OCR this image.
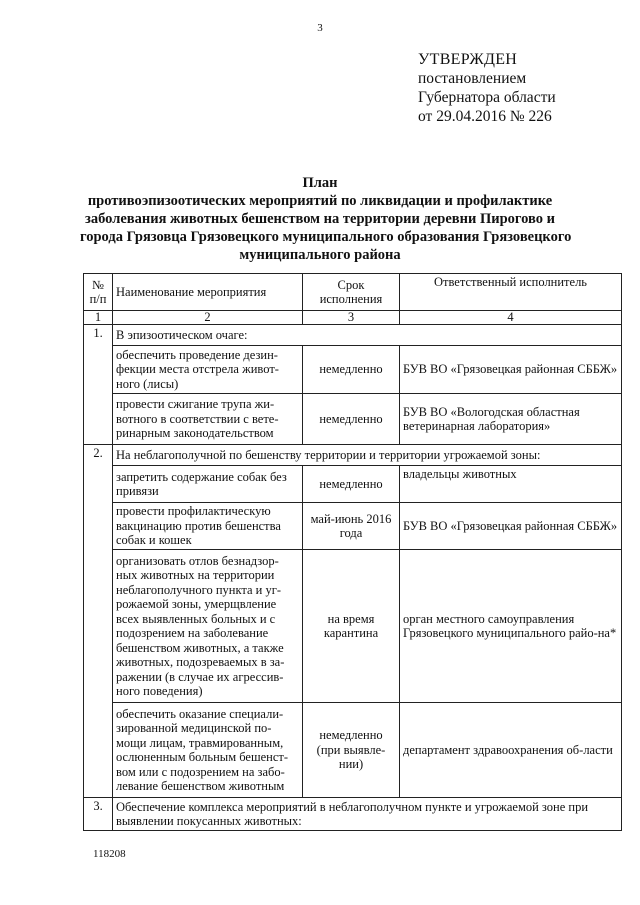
3
УТВЕРЖДЕН
постановлением
Губернатора области
от 29.04.2016 № 226
План
противоэпизоотических мероприятий по ликвидации и профилактике
заболевания животных бешенством на территории деревни Пирогово и
города Грязовца Грязовецкого муниципального образования Грязовецкого
муниципального района
№ п/п	Наименование мероприятия	Срок исполнения	Ответственный исполнитель
1	2	3	4
1.	В эпизоотическом очаге:		
	обеспечить проведение дезин-фекции места отстрела живот-ного (лисы)	немедленно	БУВ ВО «Грязовецкая районная СББЖ»
	провести сжигание трупа жи-вотного в соответствии с вете-ринарным законодательством	немедленно	БУВ ВО «Вологодская областная ветеринарная лаборатория»
2.	На неблагополучной по бешенству территории и территории угрожаемой зоны:		
	запретить содержание собак без привязи	немедленно	владельцы животных
	провести профилактическую вакцинацию против бешенства собак и кошек	май-июнь 2016 года	БУВ ВО «Грязовецкая районная СББЖ»
	организовать отлов безнадзор-ных животных на территории неблагополучного пункта и уг-рожаемой зоны, умерщвление всех выявленных больных и с подозрением на заболевание бешенством животных, а также животных, подозреваемых в за-ражении (в случае их агрессив-ного поведения)	на время карантина	орган местного самоуправления Грязовецкого муниципального райо-на*
	обеспечить оказание специали-зированной медицинской по-мощи лицам, травмированным, ослюненным больным бешенст-вом или с подозрением на забо-левание бешенством животным	немедленно (при выявле-нии)	департамент здравоохранения об-ласти
3.	Обеспечение комплекса мероприятий в неблагополучном пункте и угрожаемой зоне при выявлении покусанных животных:		
118208
